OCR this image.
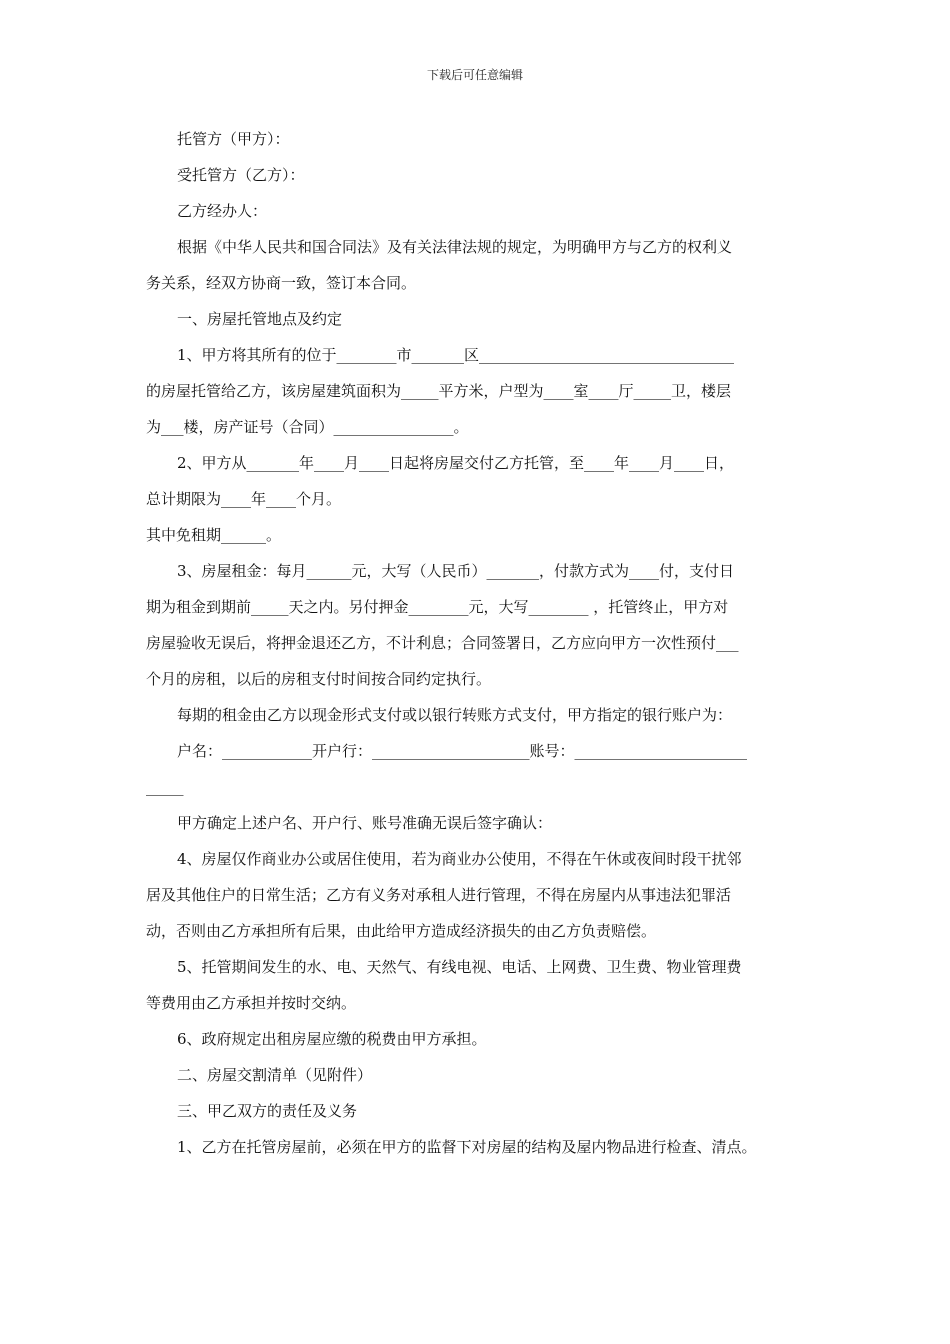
下载后可任意编辑
托管方（甲方）：
受托管方（乙方）：
乙方经办人：
根据《中华人民共和国合同法》及有关法律法规的规定，为明确甲方与乙方的权利义
务关系，经双方协商一致，签订本合同。
一、房屋托管地点及约定
1、甲方将其所有的位于________市_______区__________________________________
的房屋托管给乙方，该房屋建筑面积为_____平方米，户型为____室____厅_____卫，楼层
为___楼，房产证号（合同）________________。
2、甲方从_______年____月____日起将房屋交付乙方托管，至____年____月____日，
总计期限为____年____个月。
其中免租期______。
3、房屋租金：每月______元，大写（人民币）_______，付款方式为____付，支付日
期为租金到期前_____天之内。另付押金________元，大写________ ，托管终止，甲方对
房屋验收无误后，将押金退还乙方，不计利息；合同签署日，乙方应向甲方一次性预付___
个月的房租，以后的房租支付时间按合同约定执行。
每期的租金由乙方以现金形式支付或以银行转账方式支付，甲方指定的银行账户为：
户名：____________开户行：_____________________账号：_______________________
_____
甲方确定上述户名、开户行、账号准确无误后签字确认：
4、房屋仅作商业办公或居住使用，若为商业办公使用，不得在午休或夜间时段干扰邻
居及其他住户的日常生活；乙方有义务对承租人进行管理，不得在房屋内从事违法犯罪活
动，否则由乙方承担所有后果，由此给甲方造成经济损失的由乙方负责赔偿。
5、托管期间发生的水、电、天然气、有线电视、电话、上网费、卫生费、物业管理费
等费用由乙方承担并按时交纳。
6、政府规定出租房屋应缴的税费由甲方承担。
二、房屋交割清单（见附件）
三、甲乙双方的责任及义务
1、乙方在托管房屋前，必须在甲方的监督下对房屋的结构及屋内物品进行检查、清点。
